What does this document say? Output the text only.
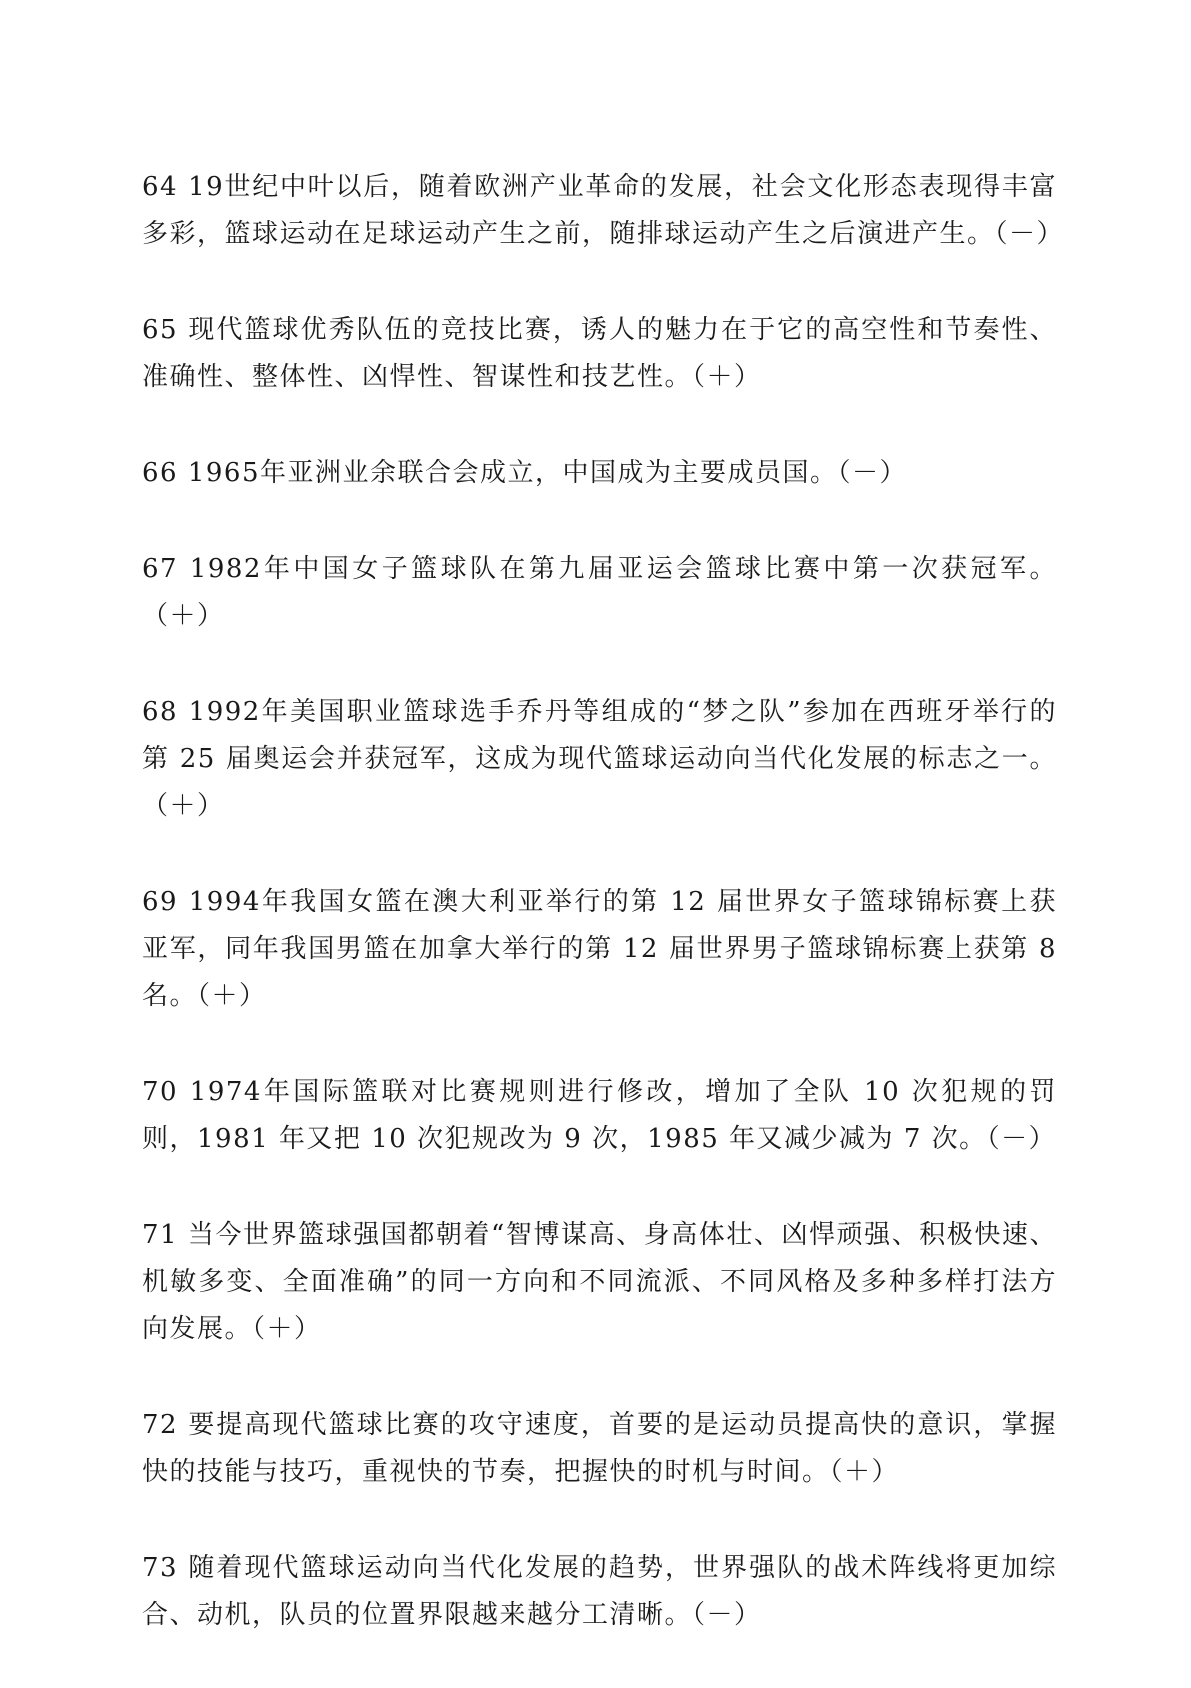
64 19世纪中叶以后，随着欧洲产业革命的发展，社会文化形态表现得丰富多彩，篮球运动在足球运动产生之前，随排球运动产生之后演进产生。（－）

65 现代篮球优秀队伍的竞技比赛，诱人的魅力在于它的高空性和节奏性、准确性、整体性、凶悍性、智谋性和技艺性。（＋）

66 1965年亚洲业余联合会成立，中国成为主要成员国。（－）

67 1982年中国女子篮球队在第九届亚运会篮球比赛中第一次获冠军。（＋）

68 1992年美国职业篮球选手乔丹等组成的“梦之队”参加在西班牙举行的第 25 届奥运会并获冠军，这成为现代篮球运动向当代化发展的标志之一。（＋）

69 1994年我国女篮在澳大利亚举行的第 12 届世界女子篮球锦标赛上获亚军，同年我国男篮在加拿大举行的第 12 届世界男子篮球锦标赛上获第 8 名。（＋）

70 1974年国际篮联对比赛规则进行修改，增加了全队 10 次犯规的罚则，1981 年又把 10 次犯规改为 9 次，1985 年又减少减为 7 次。（－）

71 当今世界篮球强国都朝着“智博谋高、身高体壮、凶悍顽强、积极快速、机敏多变、全面准确”的同一方向和不同流派、不同风格及多种多样打法方向发展。（＋）

72 要提高现代篮球比赛的攻守速度，首要的是运动员提高快的意识，掌握快的技能与技巧，重视快的节奏，把握快的时机与时间。（＋）

73 随着现代篮球运动向当代化发展的趋势，世界强队的战术阵线将更加综合、动机，队员的位置界限越来越分工清晰。（－）
